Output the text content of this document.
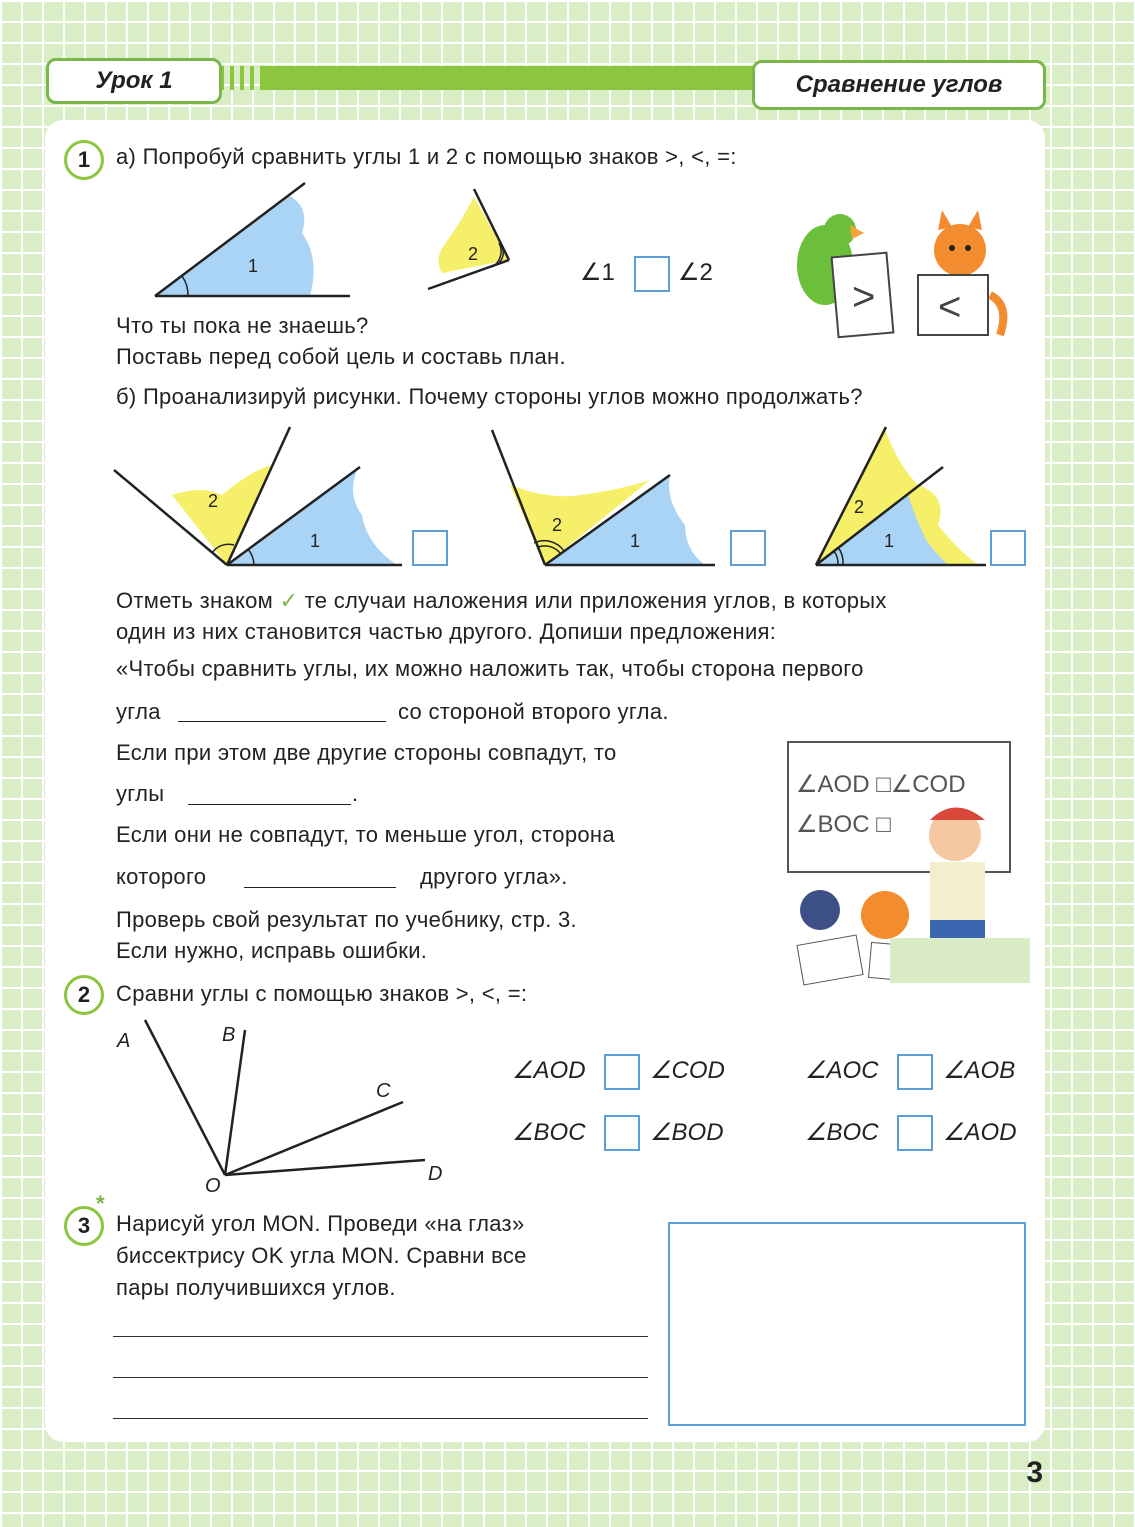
Урок 1	Сравнение углов
1	а) Попробуй сравнить углы 1 и 2 с помощью знаков >, <, =:
1
2
∠1	∠2
> <
Что ты пока не знаешь?
Поставь перед собой цель и составь план.
б) Проанализируй рисунки. Почему стороны углов можно продолжать?
2
1
2
1
2
1
Отметь знаком ✓ те случаи наложения или приложения углов, в которых
один из них становится частью другого. Допиши предложения:
«Чтобы сравнить углы, их можно наложить так, чтобы сторона первого
угла	со стороной второго угла.
Если при этом две другие стороны совпадут, то
углы	.
Если они не совпадут, то меньше угол, сторона
которого	другого угла».
Проверь свой результат по учебнику, стр. 3.
Если нужно, исправь ошибки.
∠AOD □∠COD
∠BOC □
2	Сравни углы с помощью знаков >, <, =:
A	B
C
D
O
∠AOD	∠COD	∠AOC	∠AOB
∠BOC	∠BOD	∠BOC	∠AOD
3
*
Нарисуй угол MON. Проведи «на глаз»
биссектрису OK угла MON. Сравни все
пары получившихся углов.
3
